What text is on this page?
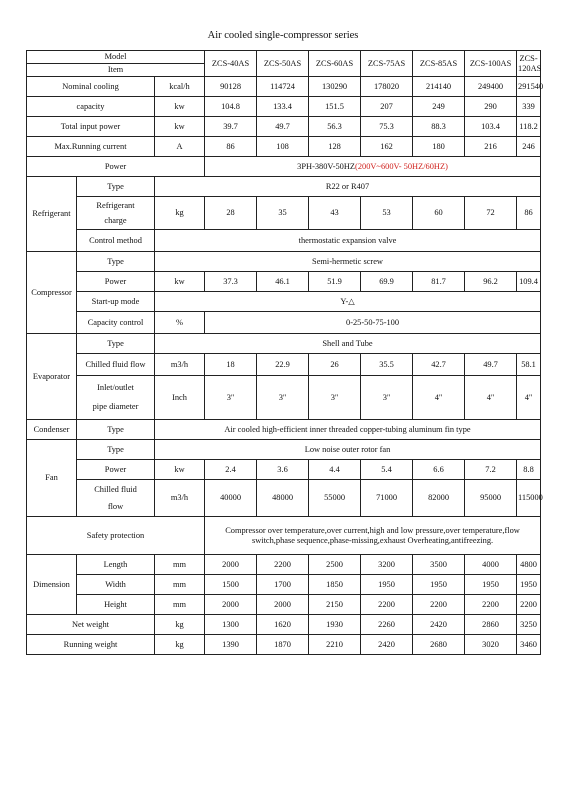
Air cooled single-compressor series
Model			ZCS-40AS	ZCS-50AS	ZCS-60AS	ZCS-75AS	ZCS-85AS	ZCS-100AS	ZCS-120AS
Item									
Nominal cooling		kcal/h	90128	114724	130290	178020	214140	249400	291540
capacity		kw	104.8	133.4	151.5	207	249	290	339
Total input power		kw	39.7	49.7	56.3	75.3	88.3	103.4	118.2
Max.Running current		A	86	108	128	162	180	216	246
Power			3PH-380V-50HZ(200V~600V- 50HZ/60HZ)						
Refrigerant	Type	R22 or R407							

	Refrigerant
charge	kg	28	35	43	53	60	72	86
	Control method	thermostatic expansion valve							
Compressor	Type	Semi-hermetic screw							
	Power	kw	37.3	46.1	51.9	69.9	81.7	96.2	109.4
	Start-up mode	Y-△							
	Capacity control	%	0-25-50-75-100						
Evaporator	Type	Shell and Tube							
	Chilled fluid flow	m3/h	18	22.9	26	35.5	42.7	49.7	58.1

	Inlet/outlet
pipe diameter	Inch	3"	3"	3"	3"	4"	4"	4"
Condenser	Type	Air cooled high-efficient inner threaded copper-tubing aluminum fin type							
Fan	Type	Low noise outer rotor fan							
	Power	kw	2.4	3.6	4.4	5.4	6.6	7.2	8.8

	Chilled fluid
flow	m3/h	40000	48000	55000	71000	82000	95000	115000
Safety protection			Compressor over temperature,over current,high and low pressure,over temperature,flow
switch,phase sequence,phase-missing,exhaust Overheating,antifreezing.						

Dimension	Length	mm	2000	2200	2500	3200	3500	4000	4800
	Width	mm	1500	1700	1850	1950	1950	1950	1950
	Height	mm	2000	2000	2150	2200	2200	2200	2200
Net weight		kg	1300	1620	1930	2260	2420	2860	3250
Running weight		kg	1390	1870	2210	2420	2680	3020	3460
